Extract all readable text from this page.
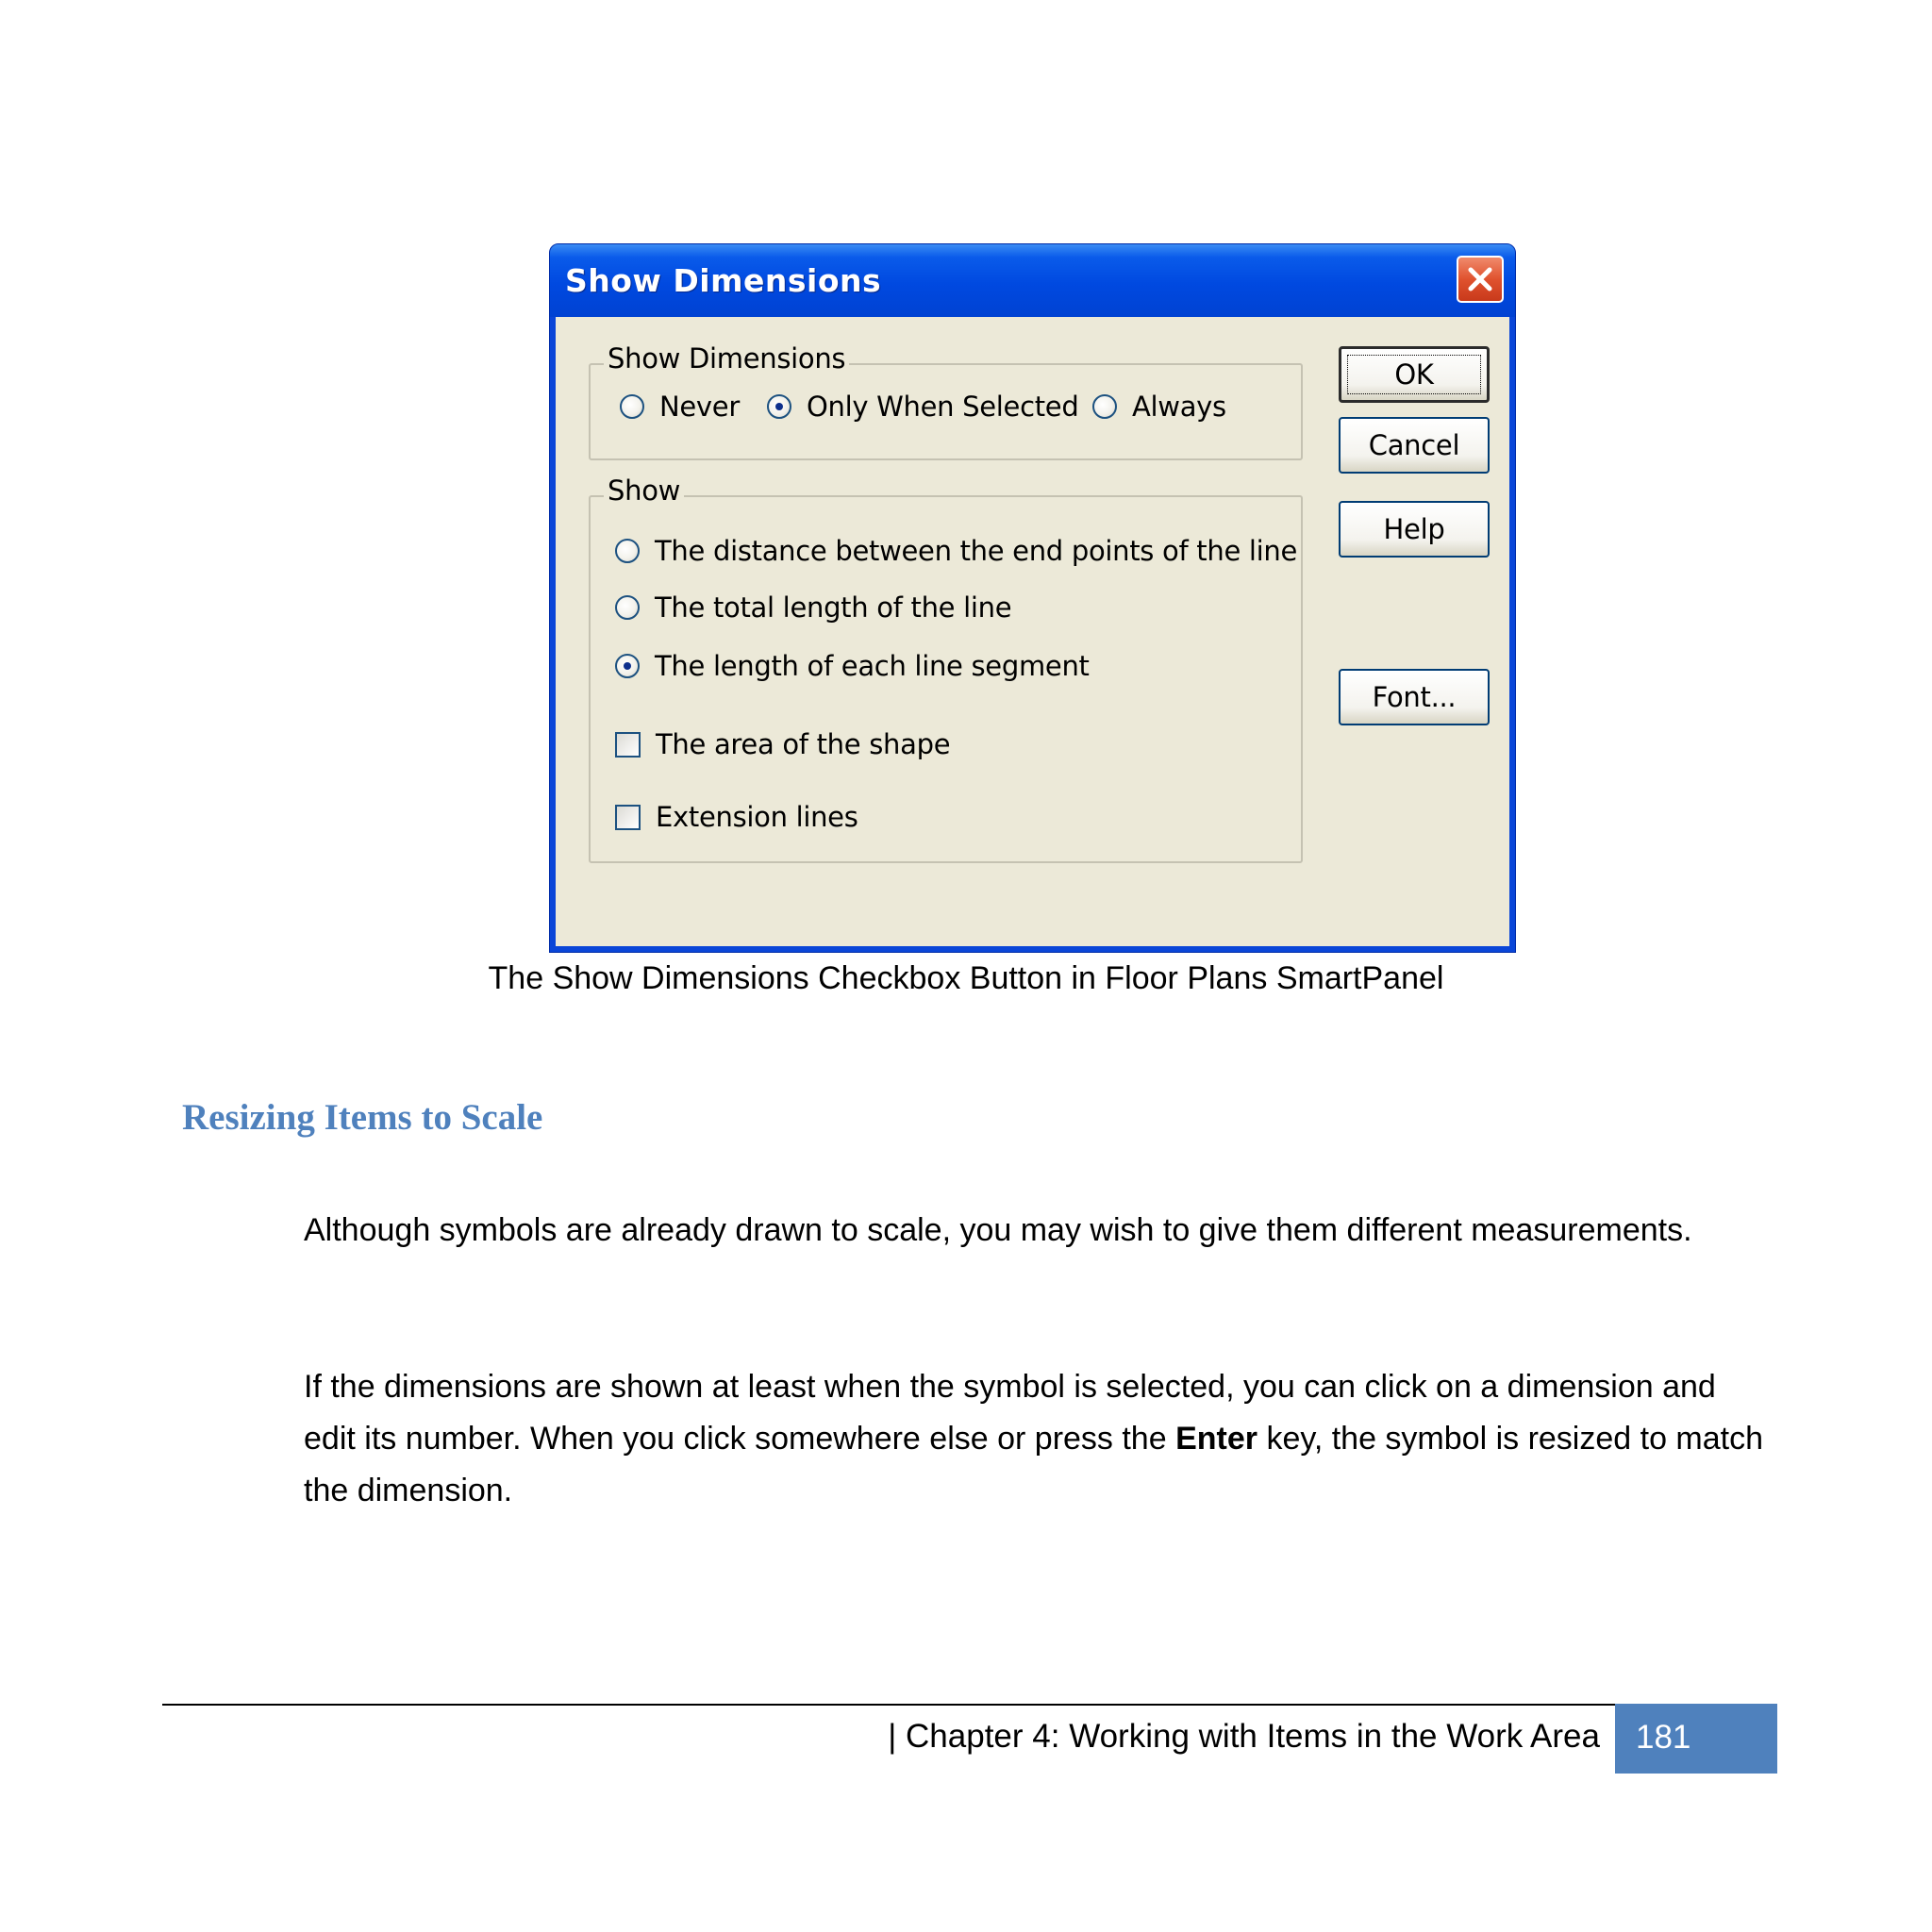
Show Dimensions
Show Dimensions
Never Only When Selected Always
Show
The distance between the end points of the line
The total length of the line
The length of each line segment
The area of the shape
Extension lines
OK
Cancel
Help
Font...
The Show Dimensions Checkbox Button in Floor Plans SmartPanel
Resizing Items to Scale
Although symbols are already drawn to scale, you may wish to give them different measurements.
If the dimensions are shown at least when the symbol is selected, you can click on a dimension and edit its number. When you click somewhere else or press the Enter key, the symbol is resized to match the dimension.
| Chapter 4: Working with Items in the Work Area	181
